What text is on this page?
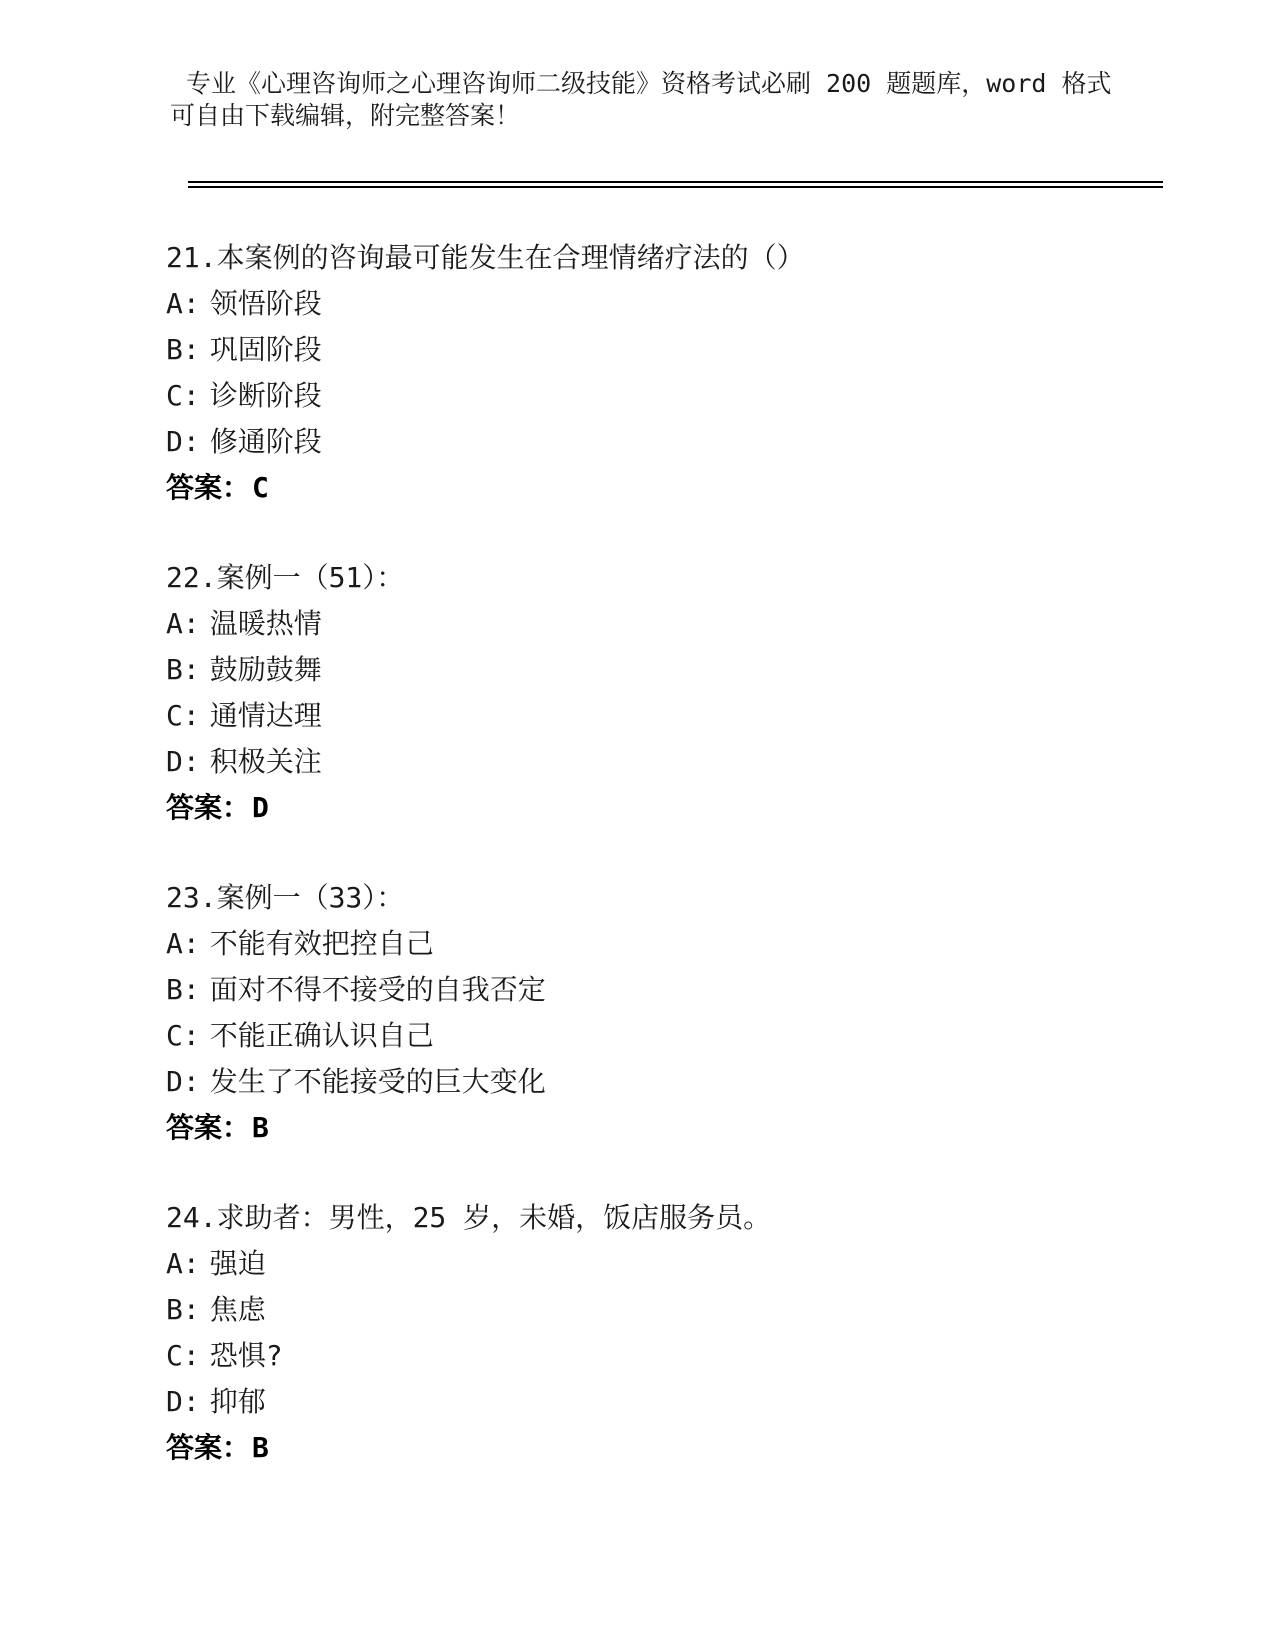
专业《心理咨询师之心理咨询师二级技能》资格考试必刷 200 题题库，word 格式
可自由下载编辑，附完整答案！
21.本案例的咨询最可能发生在合理情绪疗法的（）
A: 领悟阶段
B: 巩固阶段
C: 诊断阶段
D: 修通阶段
答案：C
22.案例一（51）：
A: 温暖热情
B: 鼓励鼓舞
C: 通情达理
D: 积极关注
答案：D
23.案例一（33）：
A: 不能有效把控自己
B: 面对不得不接受的自我否定
C: 不能正确认识自己
D: 发生了不能接受的巨大变化
答案：B
24.求助者：男性，25 岁，未婚，饭店服务员。
A: 强迫
B: 焦虑
C: 恐惧?
D: 抑郁
答案：B
